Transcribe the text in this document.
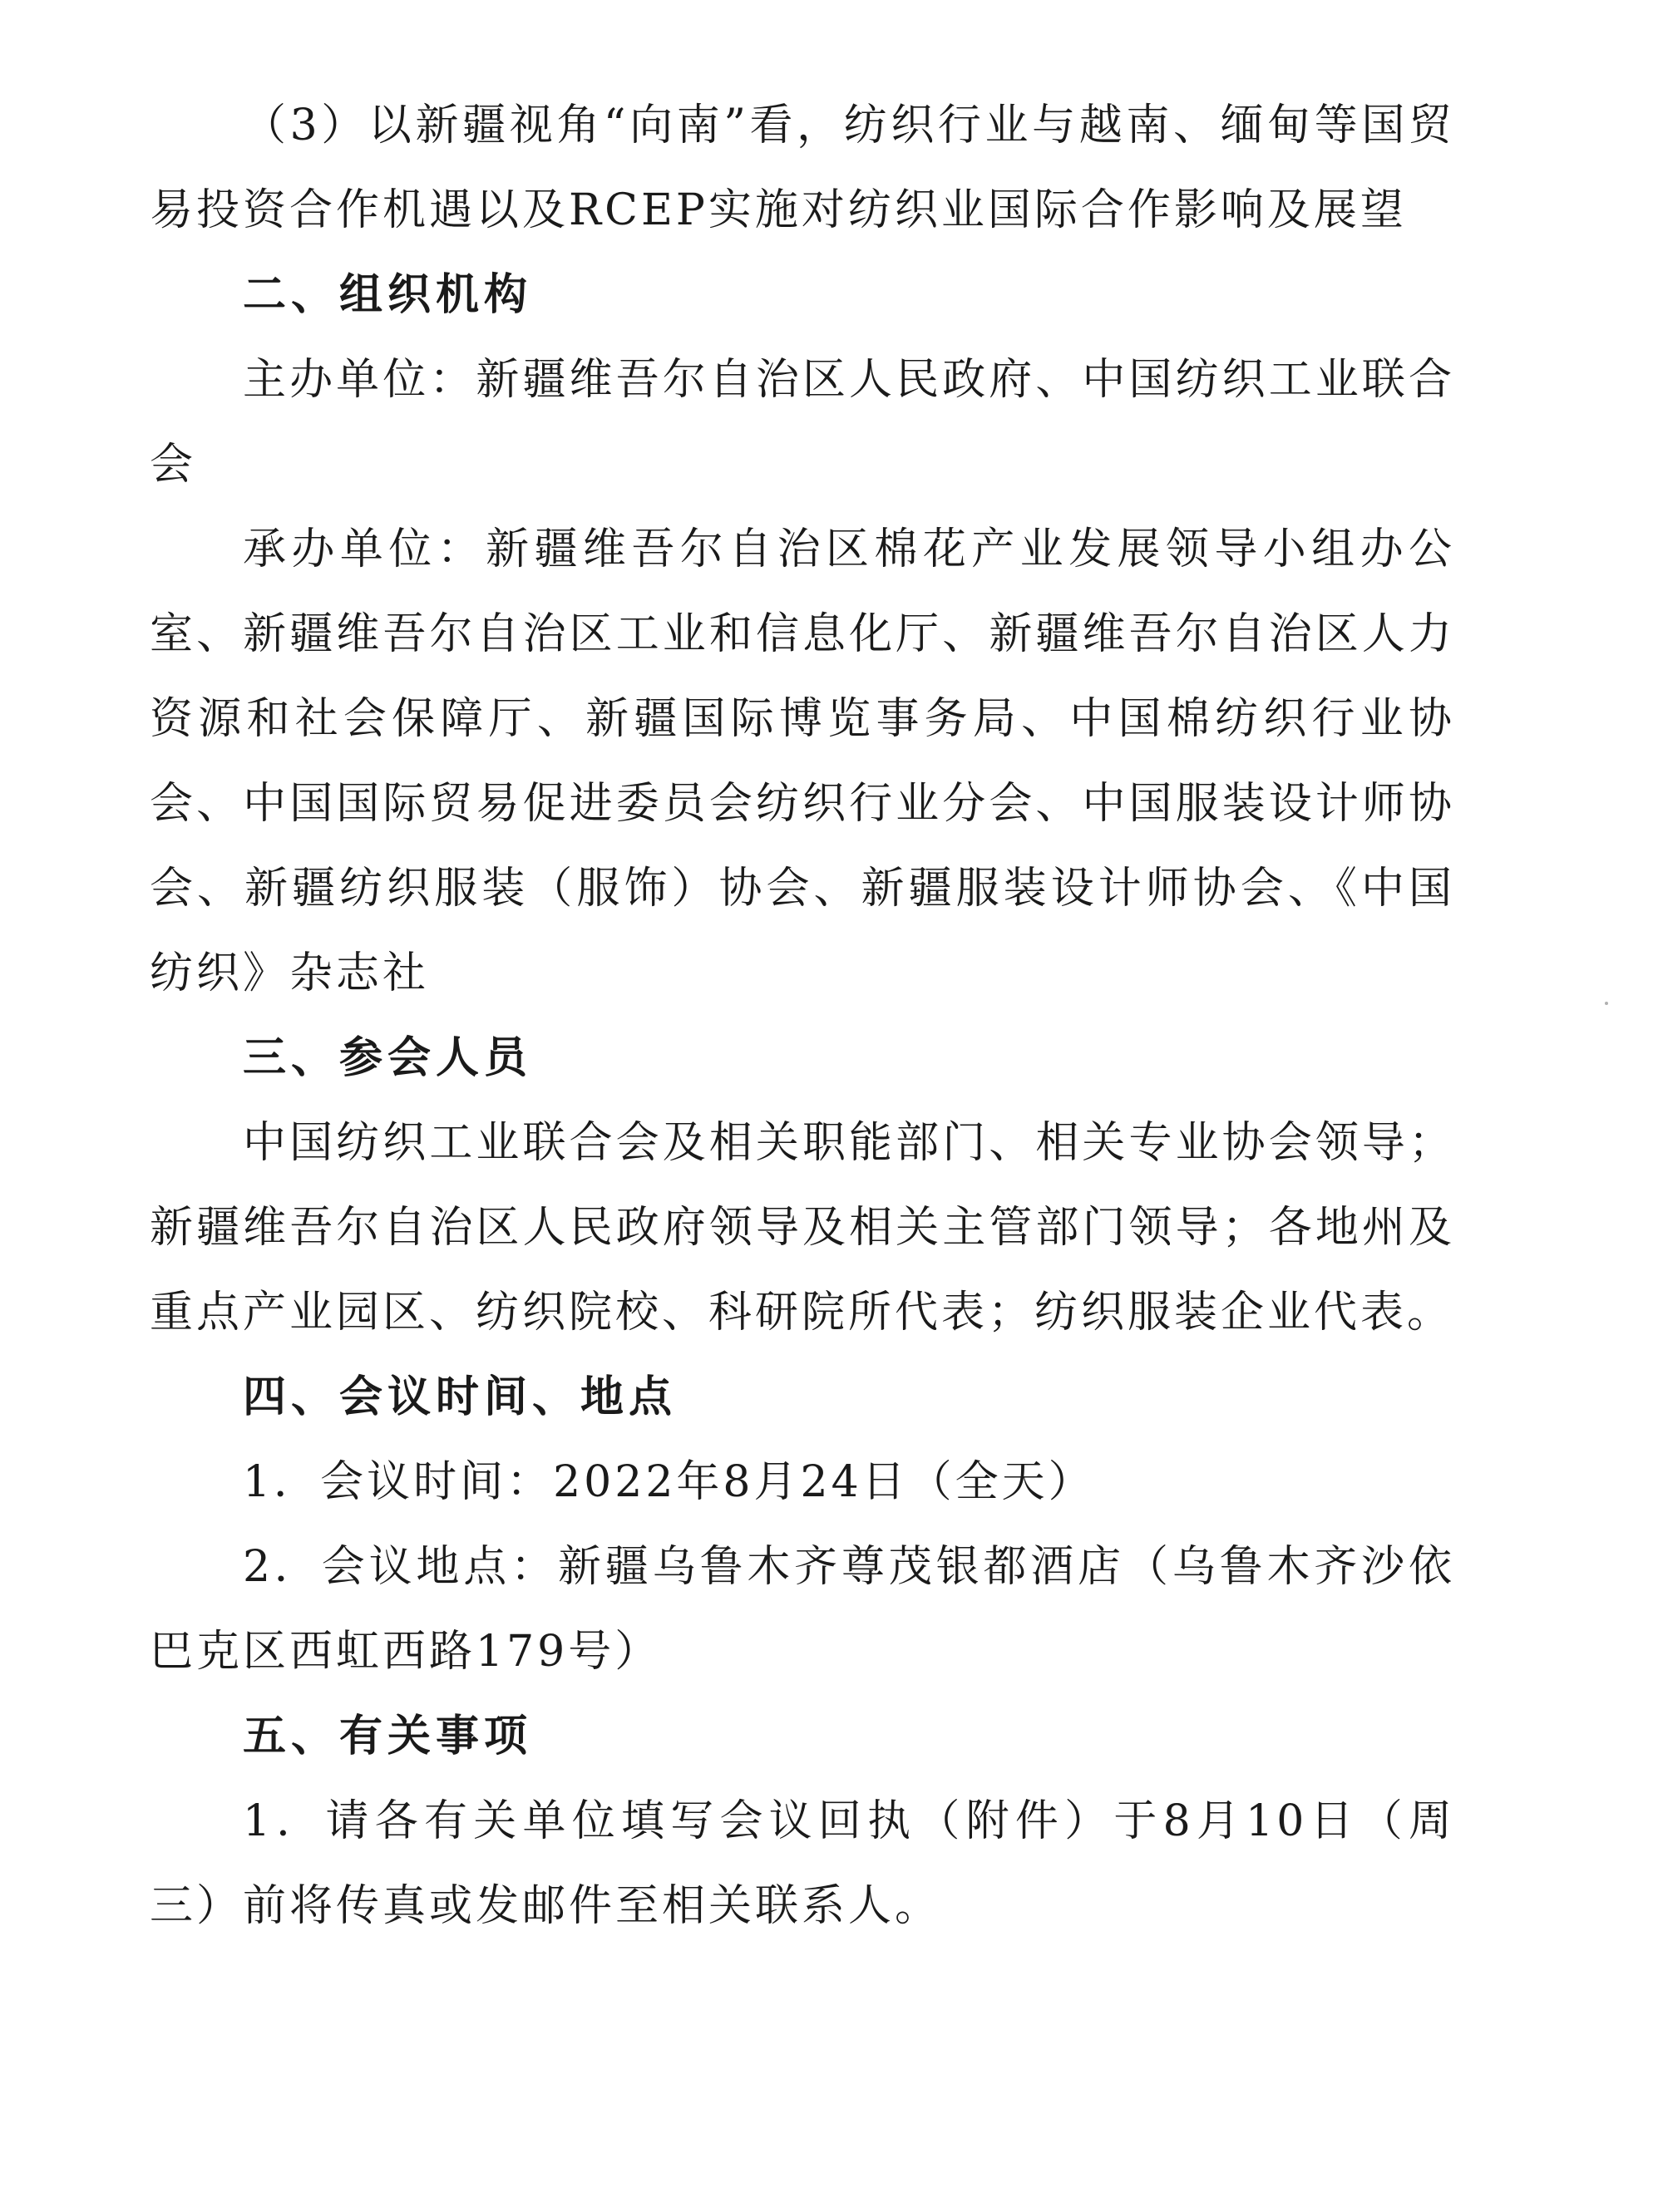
（3）以新疆视角“向南”看，纺织行业与越南、缅甸等国贸易投资合作机遇以及RCEP实施对纺织业国际合作影响及展望

二、组织机构

主办单位：新疆维吾尔自治区人民政府、中国纺织工业联合会

承办单位：新疆维吾尔自治区棉花产业发展领导小组办公室、新疆维吾尔自治区工业和信息化厅、新疆维吾尔自治区人力资源和社会保障厅、新疆国际博览事务局、中国棉纺织行业协会、中国国际贸易促进委员会纺织行业分会、中国服装设计师协会、新疆纺织服装（服饰）协会、新疆服装设计师协会、《中国纺织》杂志社

三、参会人员

中国纺织工业联合会及相关职能部门、相关专业协会领导；新疆维吾尔自治区人民政府领导及相关主管部门领导；各地州及重点产业园区、纺织院校、科研院所代表；纺织服装企业代表。

四、会议时间、地点

1．会议时间：2022年8月24日（全天）

2．会议地点：新疆乌鲁木齐尊茂银都酒店（乌鲁木齐沙依巴克区西虹西路179号）

五、有关事项

1．请各有关单位填写会议回执（附件）于8月10日（周三）前将传真或发邮件至相关联系人。
